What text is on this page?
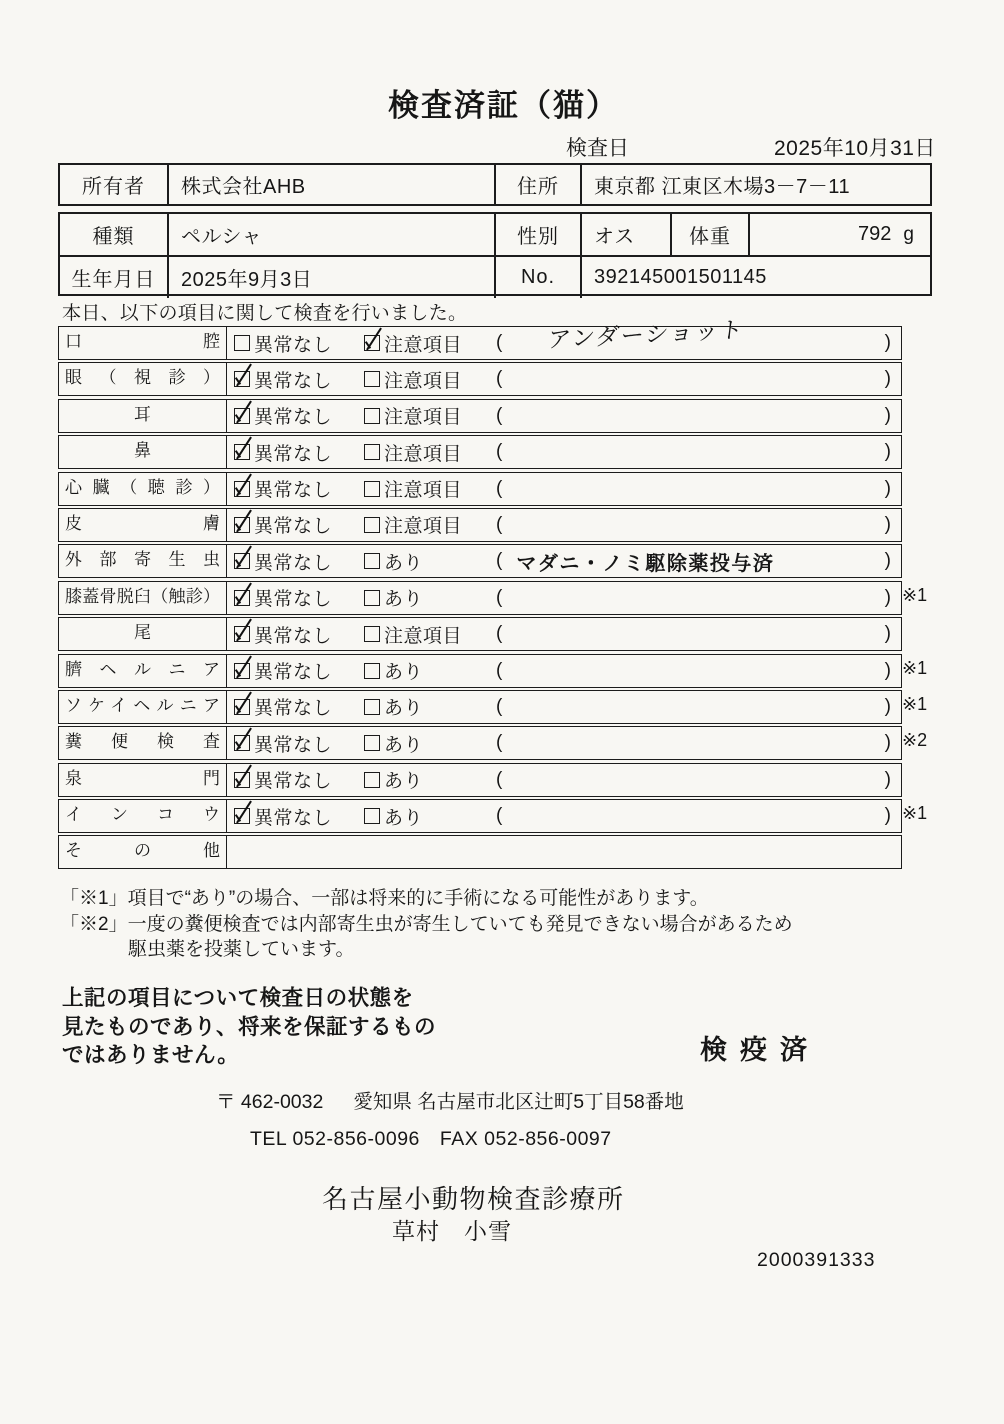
検査済証（猫）
検査日	2025年10月31日
所有者	株式会社AHB	住所	東京都 江東区木場3－7－11
種類	ペルシャ	性別	オス	体重	792 g
生年月日	2025年9月3日	No.	392145001501145
本日、以下の項目に関して検査を行いました。
口腔	異常なし	注意項目 (	アンダーショット	)
眼（視診）	異常なし	注意項目 (	)
耳	異常なし	注意項目 (	)
鼻	異常なし	注意項目 (	)
心臓（聴診）	異常なし	注意項目 (	)
皮膚	異常なし	注意項目 (	)
外部寄生虫	異常なし	あり	( マダニ・ノミ駆除薬投与済	)
膝蓋骨脱臼（触診）	異常なし	あり	(	) ※1
尾	異常なし	注意項目 (	)
臍ヘルニア	異常なし	あり	(	) ※1
ソケイヘルニア	異常なし	あり	(	) ※1
糞便検査	異常なし	あり	(	) ※2
泉門	異常なし	あり	(	)
インコウ	異常なし	あり	(	) ※1
その他
「※1」項目で“あり”の場合、一部は将来的に手術になる可能性があります。
「※2」一度の糞便検査では内部寄生虫が寄生していても発見できない場合があるため
駆虫薬を投薬しています。
上記の項目について検査日の状態を
見たものであり、将来を保証するもの
ではありません。	検疫済
〒 462-0032 愛知県 名古屋市北区辻町5丁目58番地
TEL 052-856-0096 FAX 052-856-0097
名古屋小動物検査診療所
草村　小雪
2000391333
